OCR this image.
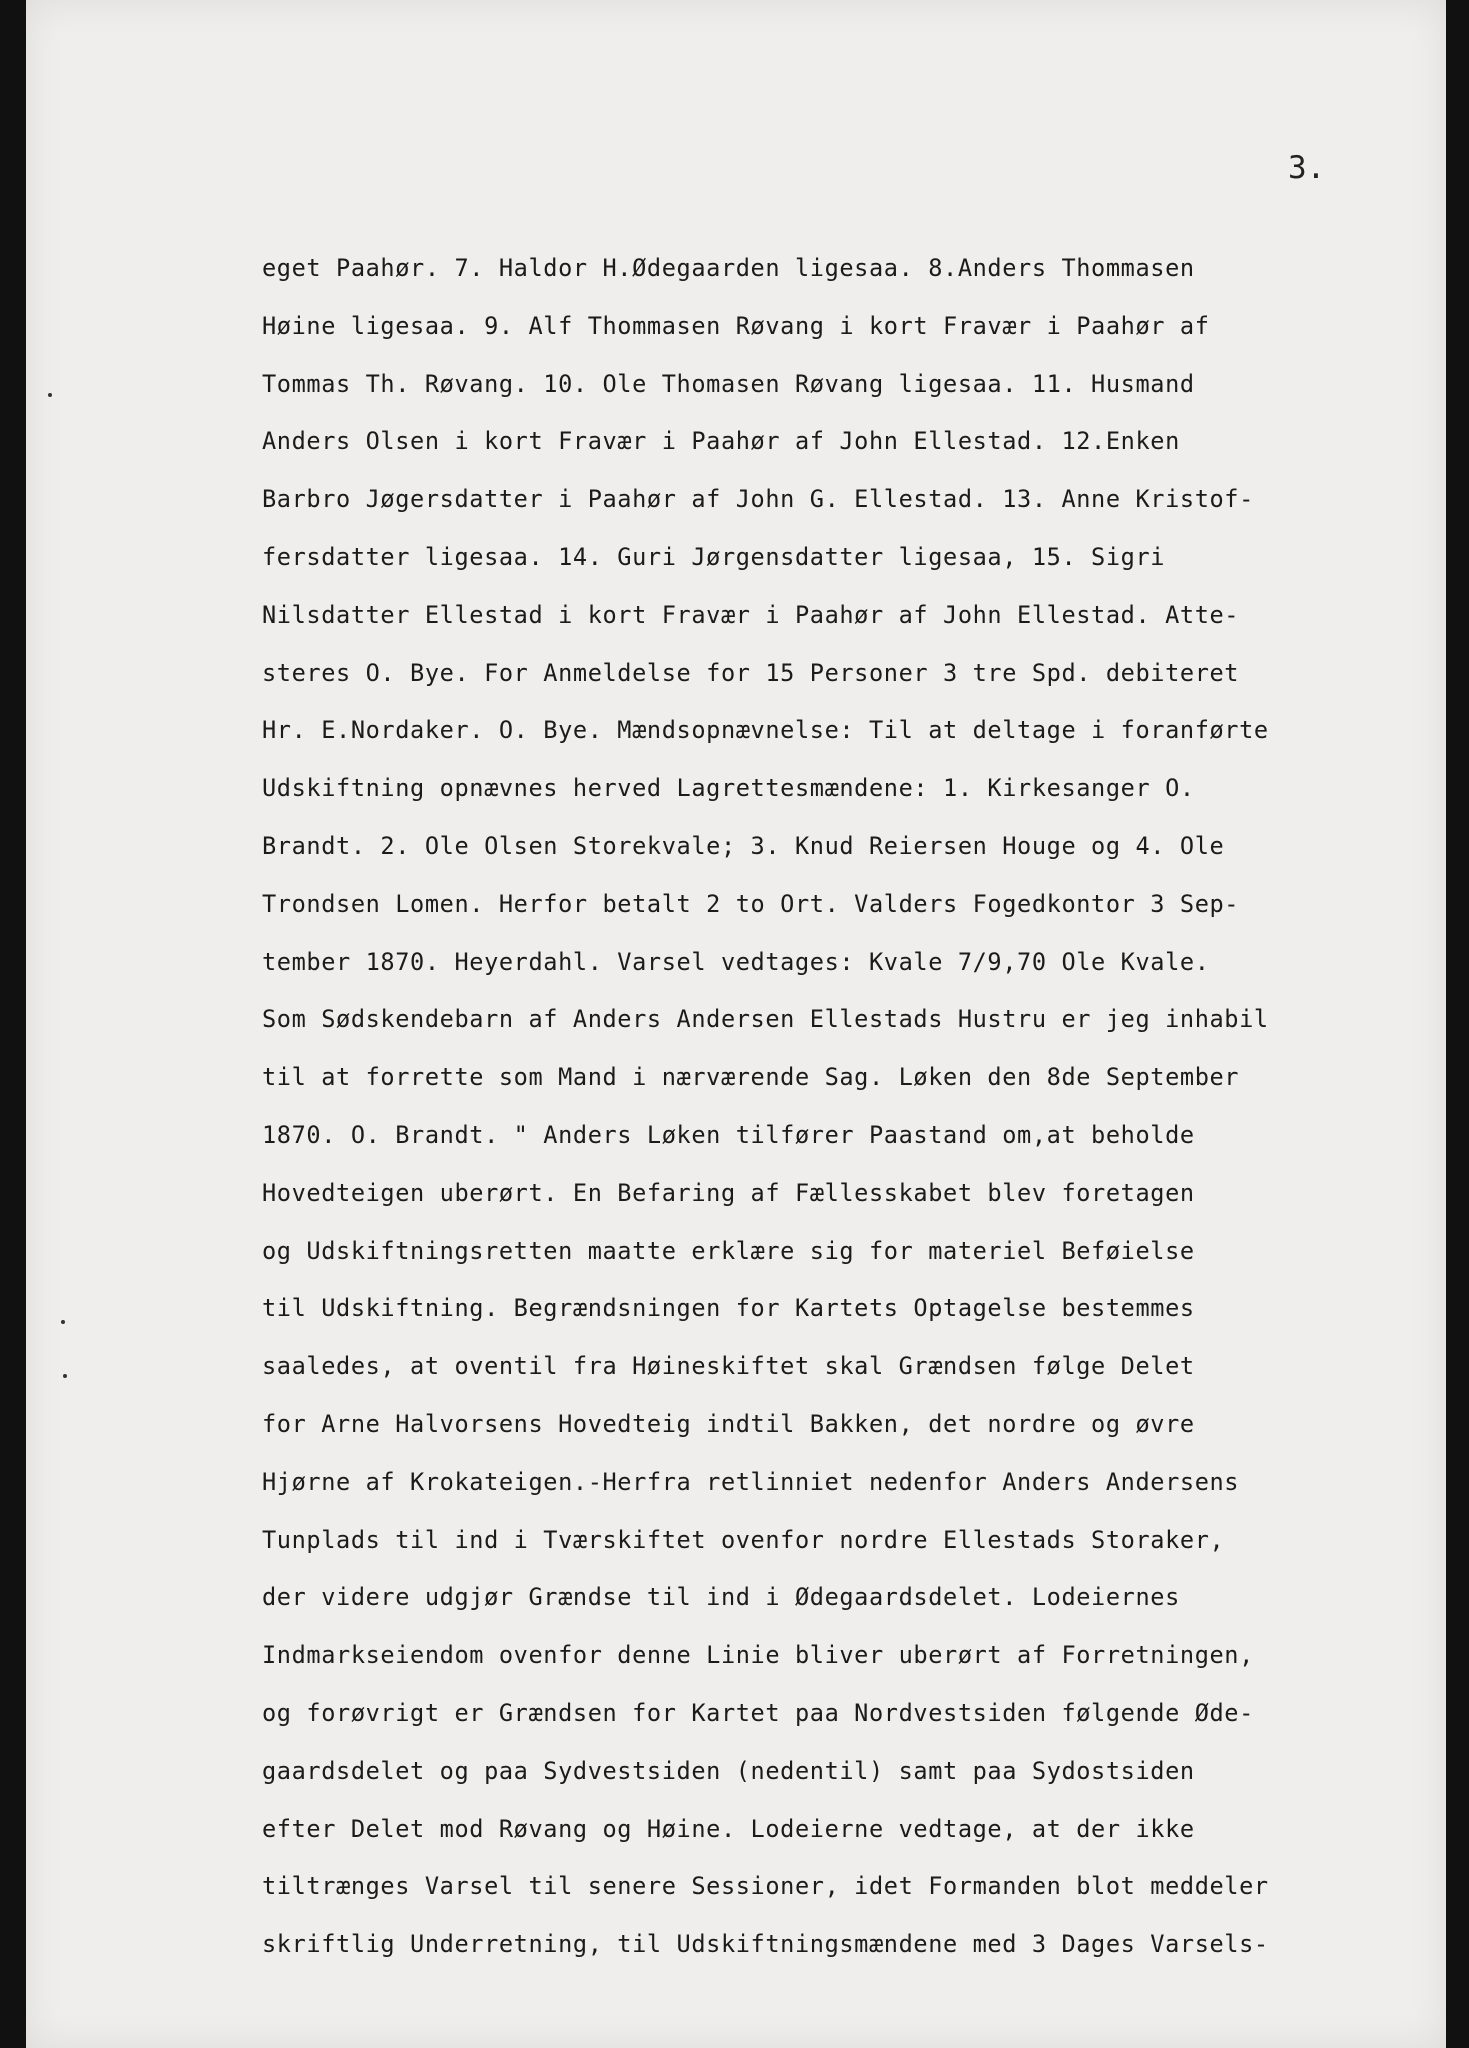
3.
eget Paahør. 7. Haldor H.Ødegaarden ligesaa. 8.Anders Thommasen
Høine ligesaa. 9. Alf Thommasen Røvang i kort Fravær i Paahør af
Tommas Th. Røvang. 10. Ole Thomasen Røvang ligesaa. 11. Husmand
Anders Olsen i kort Fravær i Paahør af John Ellestad. 12.Enken
Barbro Jøgersdatter i Paahør af John G. Ellestad. 13. Anne Kristof-
fersdatter ligesaa. 14. Guri Jørgensdatter ligesaa, 15. Sigri
Nilsdatter Ellestad i kort Fravær i Paahør af John Ellestad. Atte-
steres O. Bye. For Anmeldelse for 15 Personer 3 tre Spd. debiteret
Hr. E.Nordaker. O. Bye. Mændsopnævnelse: Til at deltage i foranførte
Udskiftning opnævnes herved Lagrettesmændene: 1. Kirkesanger O.
Brandt. 2. Ole Olsen Storekvale; 3. Knud Reiersen Houge og 4. Ole
Trondsen Lomen. Herfor betalt 2 to Ort. Valders Fogedkontor 3 Sep-
tember 1870. Heyerdahl. Varsel vedtages: Kvale 7/9,70 Ole Kvale.
Som Sødskendebarn af Anders Andersen Ellestads Hustru er jeg inhabil
til at forrette som Mand i nærværende Sag. Løken den 8de September
1870. O. Brandt. " Anders Løken tilfører Paastand om,at beholde
Hovedteigen uberørt. En Befaring af Fællesskabet blev foretagen
og Udskiftningsretten maatte erklære sig for materiel Beføielse
til Udskiftning. Begrændsningen for Kartets Optagelse bestemmes
saaledes, at oventil fra Høineskiftet skal Grændsen følge Delet
for Arne Halvorsens Hovedteig indtil Bakken, det nordre og øvre
Hjørne af Krokateigen.-Herfra retlinniet nedenfor Anders Andersens
Tunplads til ind i Tværskiftet ovenfor nordre Ellestads Storaker,
der videre udgjør Grændse til ind i Ødegaardsdelet. Lodeiernes
Indmarkseiendom ovenfor denne Linie bliver uberørt af Forretningen,
og forøvrigt er Grændsen for Kartet paa Nordvestsiden følgende Øde-
gaardsdelet og paa Sydvestsiden (nedentil) samt paa Sydostsiden
efter Delet mod Røvang og Høine. Lodeierne vedtage, at der ikke
tiltrænges Varsel til senere Sessioner, idet Formanden blot meddeler
skriftlig Underretning, til Udskiftningsmændene med 3 Dages Varsels-
